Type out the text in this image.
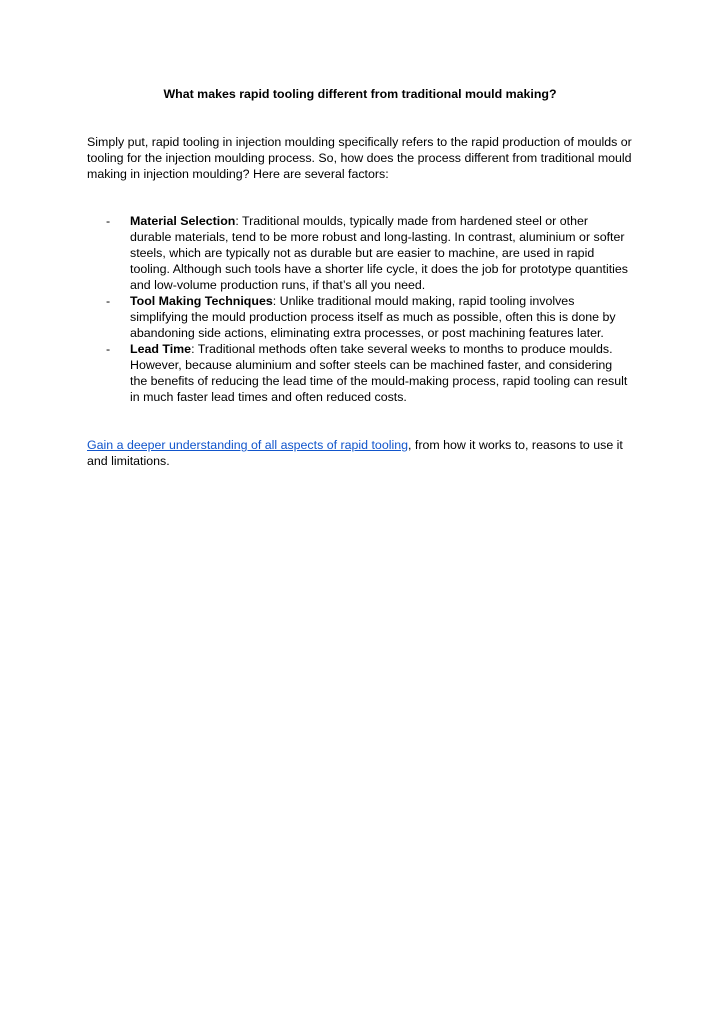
What makes rapid tooling different from traditional mould making?

Simply put, rapid tooling in injection moulding specifically refers to the rapid production of moulds or tooling for the injection moulding process. So, how does the process different from traditional mould making in injection moulding? Here are several factors:

-	Material Selection: Traditional moulds, typically made from hardened steel or other durable materials, tend to be more robust and long-lasting. In contrast, aluminium or softer steels, which are typically not as durable but are easier to machine, are used in rapid tooling. Although such tools have a shorter life cycle, it does the job for prototype quantities and low-volume production runs, if that’s all you need.
-	Tool Making Techniques: Unlike traditional mould making, rapid tooling involves simplifying the mould production process itself as much as possible, often this is done by abandoning side actions, eliminating extra processes, or post machining features later.
-	Lead Time: Traditional methods often take several weeks to months to produce moulds. However, because aluminium and softer steels can be machined faster, and considering the benefits of reducing the lead time of the mould-making process, rapid tooling can result in much faster lead times and often reduced costs.

Gain a deeper understanding of all aspects of rapid tooling, from how it works to, reasons to use it and limitations.
